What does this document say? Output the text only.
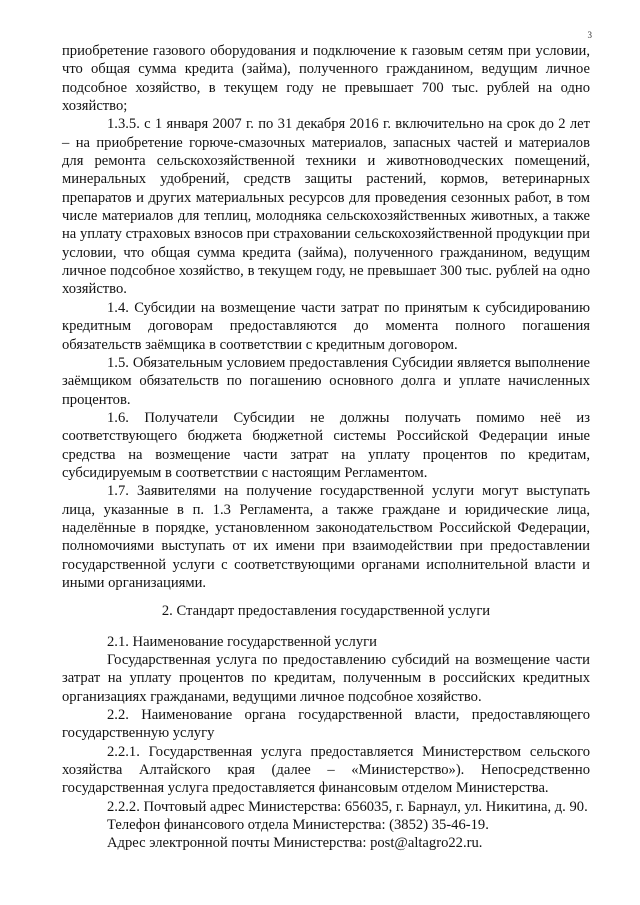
3

приобретение газового оборудования и подключение к газовым сетям при условии, что общая сумма кредита (займа), полученного гражданином, ведущим личное подсобное хозяйство, в текущем году не превышает 700 тыс. рублей на одно хозяйство;

1.3.5. с 1 января 2007 г. по 31 декабря 2016 г. включительно на срок до 2 лет – на приобретение горюче-смазочных материалов, запасных частей и материалов для ремонта сельскохозяйственной техники и животноводческих помещений, минеральных удобрений, средств защиты растений, кормов, ветеринарных препаратов и других материальных ресурсов для проведения сезонных работ, в том числе материалов для теплиц, молодняка сельскохозяйственных животных, а также на уплату страховых взносов при страховании сельскохозяйственной продукции при условии, что общая сумма кредита (займа), полученного гражданином, ведущим личное подсобное хозяйство, в текущем году, не превышает 300 тыс. рублей на одно хозяйство.

1.4. Субсидии на возмещение части затрат по принятым к субсидированию кредитным договорам предоставляются до момента полного погашения обязательств заёмщика в соответствии с кредитным договором.

1.5. Обязательным условием предоставления Субсидии является выполнение заёмщиком обязательств по погашению основного долга и уплате начисленных процентов.

1.6. Получатели Субсидии не должны получать помимо неё из соответствующего бюджета бюджетной системы Российской Федерации иные средства на возмещение части затрат на уплату процентов по кредитам, субсидируемым в соответствии с настоящим Регламентом.

1.7. Заявителями на получение государственной услуги могут выступать лица, указанные в п. 1.3 Регламента, а также граждане и юридические лица, наделённые в порядке, установленном законодательством Российской Федерации, полномочиями выступать от их имени при взаимодействии при предоставлении государственной услуги с соответствующими органами исполнительной власти и иными организациями.

2. Стандарт предоставления государственной услуги

2.1. Наименование государственной услуги

Государственная услуга по предоставлению субсидий на возмещение части затрат на уплату процентов по кредитам, полученным в российских кредитных организациях гражданами, ведущими личное подсобное хозяйство.

2.2. Наименование органа государственной власти, предоставляющего государственную услугу

2.2.1. Государственная услуга предоставляется Министерством сельского хозяйства Алтайского края (далее – «Министерство»). Непосредственно государственная услуга предоставляется финансовым отделом Министерства.

2.2.2. Почтовый адрес Министерства: 656035, г. Барнаул, ул. Никитина, д. 90.

Телефон финансового отдела Министерства: (3852) 35-46-19.

Адрес электронной почты Министерства: post@altagro22.ru.
